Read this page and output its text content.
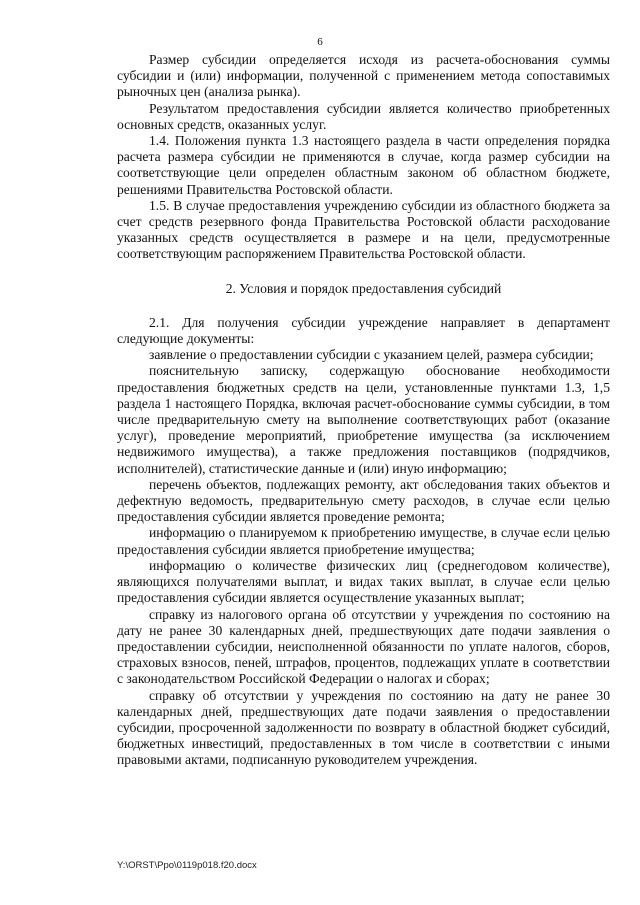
6

Размер субсидии определяется исходя из расчета-обоснования суммы субсидии и (или) информации, полученной с применением метода сопоставимых рыночных цен (анализа рынка).

Результатом предоставления субсидии является количество приобретенных основных средств, оказанных услуг.

1.4. Положения пункта 1.3 настоящего раздела в части определения порядка расчета размера субсидии не применяются в случае, когда размер субсидии на соответствующие цели определен областным законом об областном бюджете, решениями Правительства Ростовской области.

1.5. В случае предоставления учреждению субсидии из областного бюджета за счет средств резервного фонда Правительства Ростовской области расходование указанных средств осуществляется в размере и на цели, предусмотренные соответствующим распоряжением Правительства Ростовской области.

2. Условия и порядок предоставления субсидий

2.1. Для получения субсидии учреждение направляет в департамент следующие документы:

заявление о предоставлении субсидии с указанием целей, размера субсидии;

пояснительную записку, содержащую обоснование необходимости предоставления бюджетных средств на цели, установленные пунктами 1.3, 1,5 раздела 1 настоящего Порядка, включая расчет-обоснование суммы субсидии, в том числе предварительную смету на выполнение соответствующих работ (оказание услуг), проведение мероприятий, приобретение имущества (за исключением недвижимого имущества), а также предложения поставщиков (подрядчиков, исполнителей), статистические данные и (или) иную информацию;

перечень объектов, подлежащих ремонту, акт обследования таких объектов и дефектную ведомость, предварительную смету расходов, в случае если целью предоставления субсидии является проведение ремонта;

информацию о планируемом к приобретению имуществе, в случае если целью предоставления субсидии является приобретение имущества;

информацию о количестве физических лиц (среднегодовом количестве), являющихся получателями выплат, и видах таких выплат, в случае если целью предоставления субсидии является осуществление указанных выплат;

справку из налогового органа об отсутствии у учреждения по состоянию на дату не ранее 30 календарных дней, предшествующих дате подачи заявления о предоставлении субсидии, неисполненной обязанности по уплате налогов, сборов, страховых взносов, пеней, штрафов, процентов, подлежащих уплате в соответствии с законодательством Российской Федерации о налогах и сборах;

справку об отсутствии у учреждения по состоянию на дату не ранее 30 календарных дней, предшествующих дате подачи заявления о предоставлении субсидии, просроченной задолженности по возврату в областной бюджет субсидий, бюджетных инвестиций, предоставленных в том числе в соответствии с иными правовыми актами, подписанную руководителем учреждения.

Y:\ORST\Ppo\0119p018.f20.docx
